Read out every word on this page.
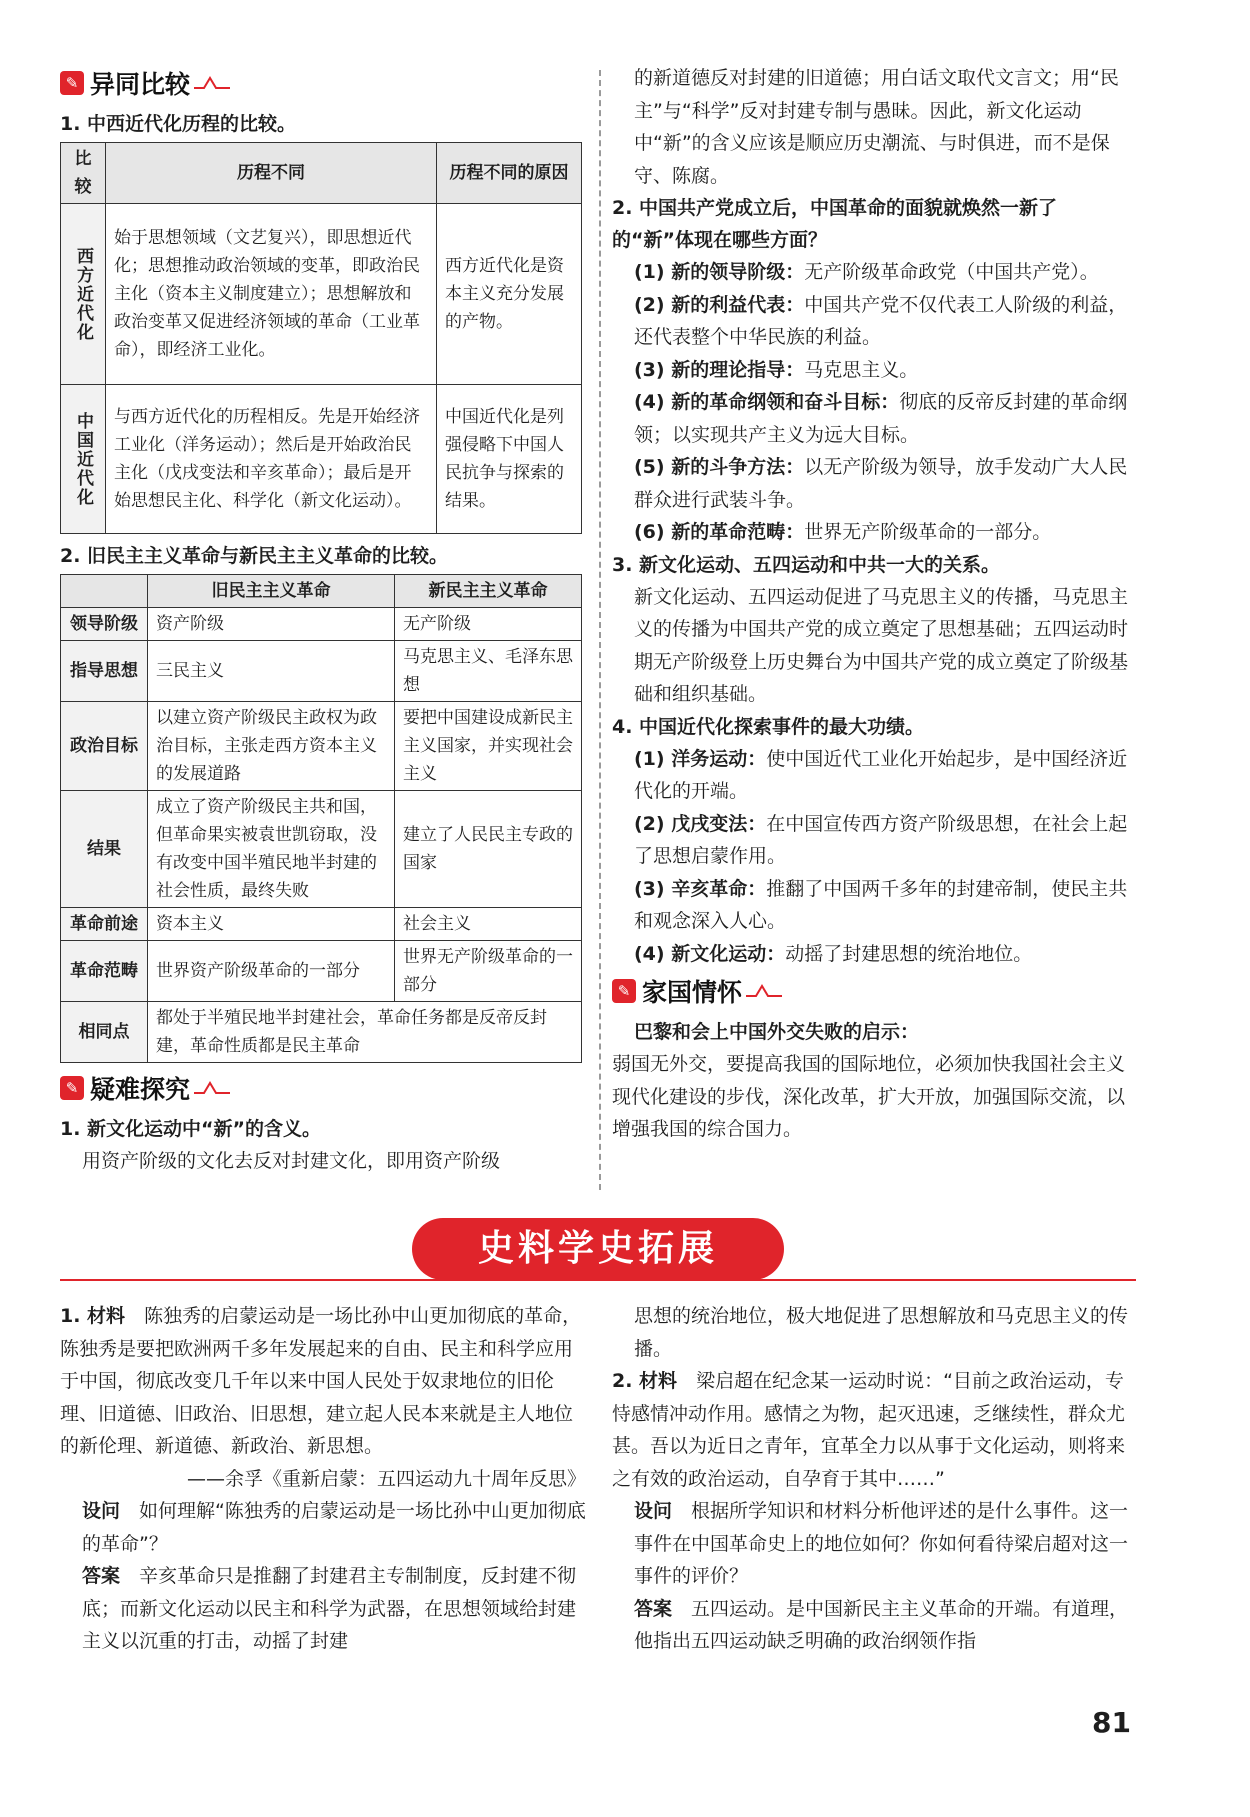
✎ 异同比较
1. 中西近代化历程的比较。
比较	历程不同	历程不同的原因

西方近代化	始于思想领域（文艺复兴），即思想近代化；思想推动政治领域的变革，即政治民主化（资本主义制度建立）；思想解放和政治变革又促进经济领域的革命（工业革命），即经济工业化。	西方近代化是资本主义充分发展的产物。

中国近代化	与西方近代化的历程相反。先是开始经济工业化（洋务运动）；然后是开始政治民主化（戊戌变法和辛亥革命）；最后是开始思想民主化、科学化（新文化运动）。	中国近代化是列强侵略下中国人民抗争与探索的结果。
2. 旧民主主义革命与新民主主义革命的比较。
	旧民主主义革命	新民主主义革命
领导阶级	资产阶级	无产阶级
指导思想	三民主义	马克思主义、毛泽东思想
政治目标	以建立资产阶级民主政权为政治目标，主张走西方资本主义的发展道路	要把中国建设成新民主主义国家，并实现社会主义
结果	成立了资产阶级民主共和国，但革命果实被袁世凯窃取，没有改变中国半殖民地半封建的社会性质，最终失败	建立了人民民主专政的国家
革命前途	资本主义	社会主义
革命范畴	世界资产阶级革命的一部分	世界无产阶级革命的一部分
相同点	都处于半殖民地半封建社会，革命任务都是反帝反封建，革命性质都是民主革命	
✎ 疑难探究
1. 新文化运动中“新”的含义。
用资产阶级的文化去反对封建文化，即用资产阶级
的新道德反对封建的旧道德；用白话文取代文言文；用“民主”与“科学”反对封建专制与愚昧。因此，新文化运动中“新”的含义应该是顺应历史潮流、与时俱进，而不是保守、陈腐。
2. 中国共产党成立后，中国革命的面貌就焕然一新了的“新”体现在哪些方面？
(1) 新的领导阶级：无产阶级革命政党（中国共产党）。
(2) 新的利益代表：中国共产党不仅代表工人阶级的利益，还代表整个中华民族的利益。
(3) 新的理论指导：马克思主义。
(4) 新的革命纲领和奋斗目标：彻底的反帝反封建的革命纲领；以实现共产主义为远大目标。
(5) 新的斗争方法：以无产阶级为领导，放手发动广大人民群众进行武装斗争。
(6) 新的革命范畴：世界无产阶级革命的一部分。
3. 新文化运动、五四运动和中共一大的关系。
新文化运动、五四运动促进了马克思主义的传播，马克思主义的传播为中国共产党的成立奠定了思想基础；五四运动时期无产阶级登上历史舞台为中国共产党的成立奠定了阶级基础和组织基础。
4. 中国近代化探索事件的最大功绩。
(1) 洋务运动：使中国近代工业化开始起步，是中国经济近代化的开端。
(2) 戊戌变法：在中国宣传西方资产阶级思想，在社会上起了思想启蒙作用。
(3) 辛亥革命：推翻了中国两千多年的封建帝制，使民主共和观念深入人心。
(4) 新文化运动：动摇了封建思想的统治地位。
✎ 家国情怀
巴黎和会上中国外交失败的启示：
弱国无外交，要提高我国的国际地位，必须加快我国社会主义现代化建设的步伐，深化改革，扩大开放，加强国际交流，以增强我国的综合国力。
史料学史拓展
1. 材料　 陈独秀的启蒙运动是一场比孙中山更加彻底的革命，陈独秀是要把欧洲两千多年发展起来的自由、民主和科学应用于中国，彻底改变几千年以来中国人民处于奴隶地位的旧伦理、旧道德、旧政治、旧思想，建立起人民本来就是主人地位的新伦理、新道德、新政治、新思想。
——余孚《重新启蒙：五四运动九十周年反思》
设问　 如何理解“陈独秀的启蒙运动是一场比孙中山更加彻底的革命”？
答案　 辛亥革命只是推翻了封建君主专制制度，反封建不彻底；而新文化运动以民主和科学为武器，在思想领域给封建主义以沉重的打击，动摇了封建
思想的统治地位，极大地促进了思想解放和马克思主义的传播。
2. 材料　 梁启超在纪念某一运动时说：“目前之政治运动，专恃感情冲动作用。感情之为物，起灭迅速，乏继续性，群众尤甚。吾以为近日之青年，宜革全力以从事于文化运动，则将来之有效的政治运动，自孕育于其中……”
设问　 根据所学知识和材料分析他评述的是什么事件。这一事件在中国革命史上的地位如何？你如何看待梁启超对这一事件的评价？
答案　 五四运动。是中国新民主主义革命的开端。有道理，他指出五四运动缺乏明确的政治纲领作指
81
